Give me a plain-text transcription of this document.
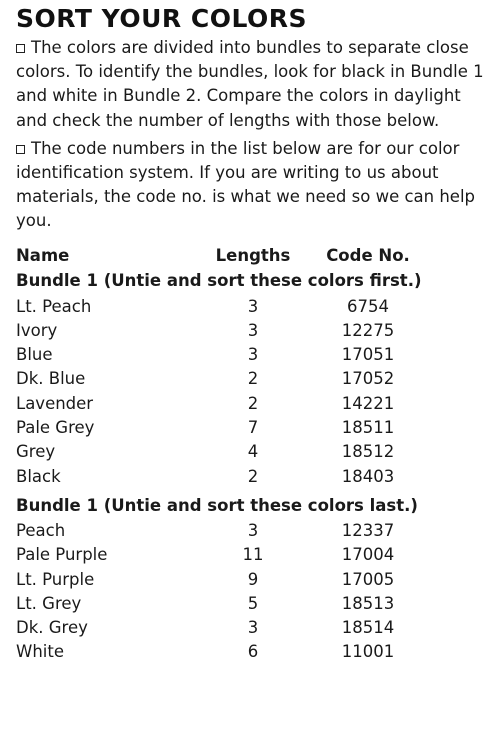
SORT YOUR COLORS

The colors are divided into bundles to separate close colors. To identify the bundles, look for black in Bundle 1 and white in Bundle 2. Compare the colors in daylight and check the number of lengths with those below.

The code numbers in the list below are for our color identification system. If you are writing to us about materials, the code no. is what we need so we can help you.

Name	Lengths	Code No.
Bundle 1 (Untie and sort these colors first.)
Lt. Peach	3	6754
Ivory	3	12275
Blue	3	17051
Dk. Blue	2	17052
Lavender	2	14221
Pale Grey	7	18511
Grey	4	18512
Black	2	18403
Bundle 1 (Untie and sort these colors last.)
Peach	3	12337
Pale Purple	11	17004
Lt. Purple	9	17005
Lt. Grey	5	18513
Dk. Grey	3	18514
White	6	11001
